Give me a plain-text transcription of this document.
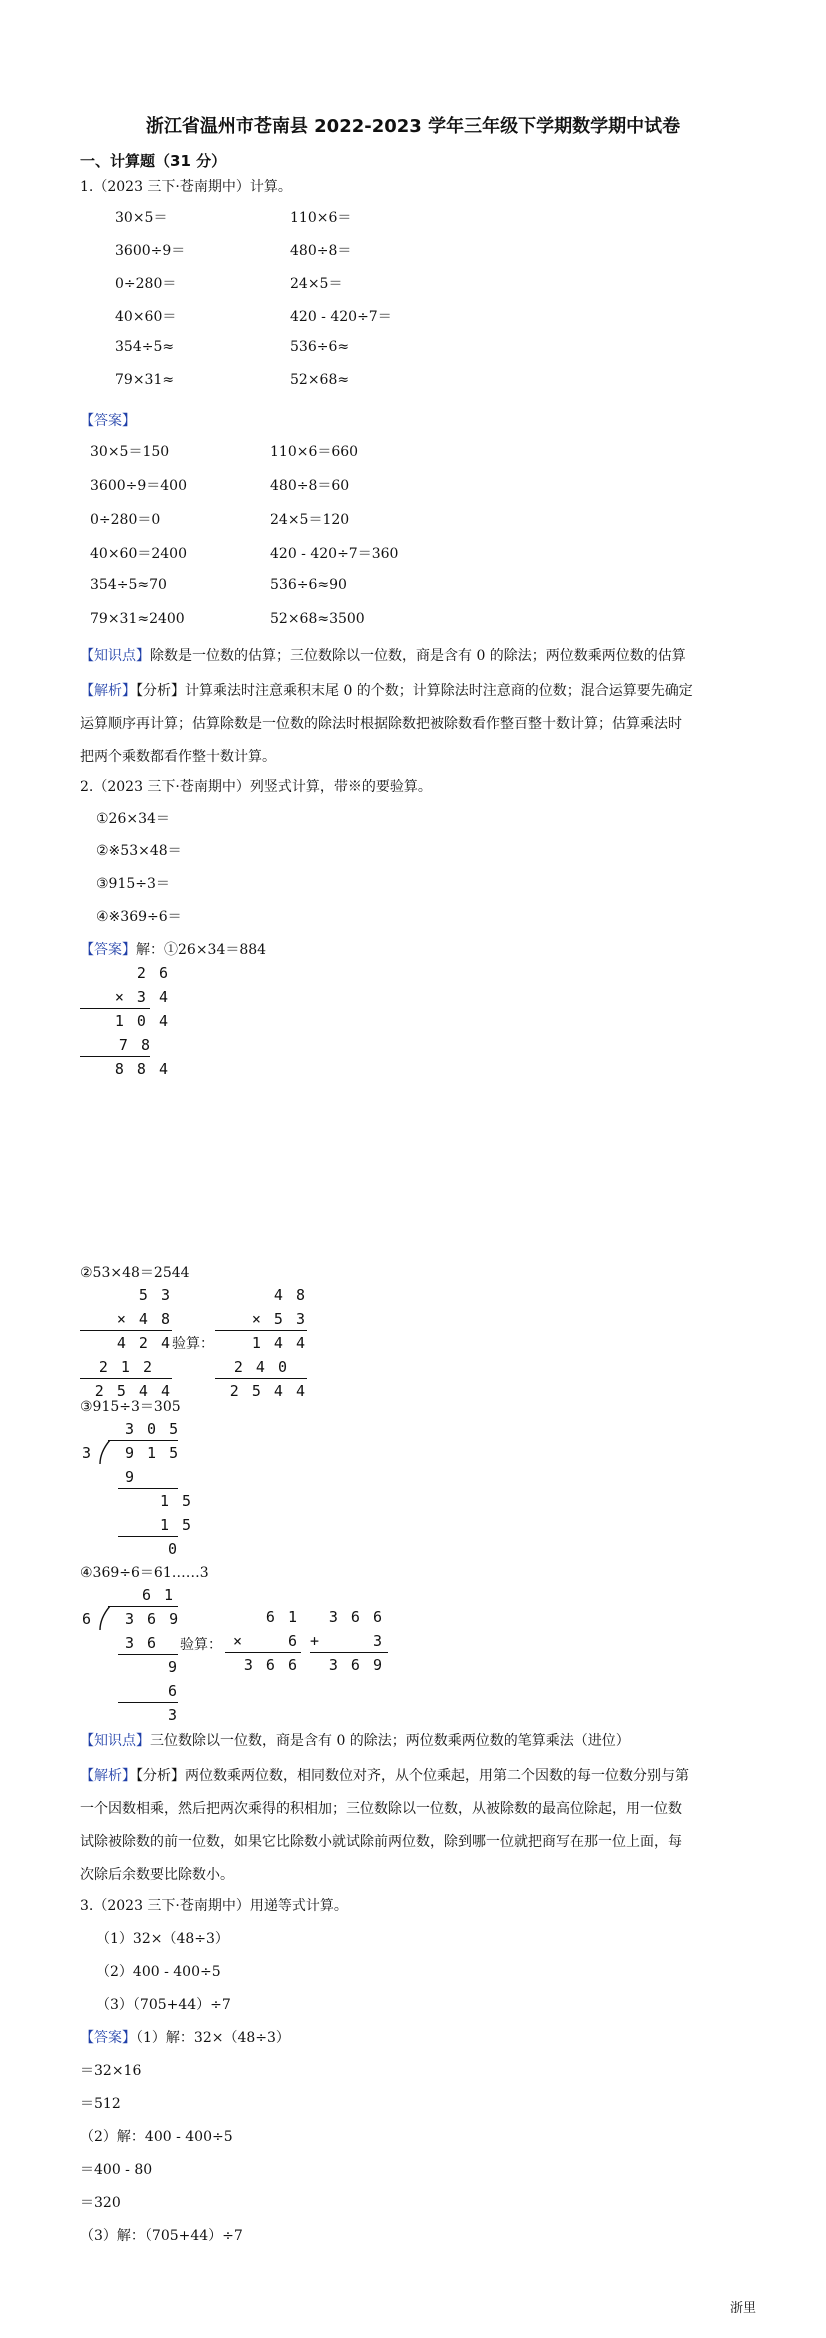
浙江省温州市苍南县 2022-2023 学年三年级下学期数学期中试卷
一、计算题（31 分）
1.（2023 三下·苍南期中）计算。
30×5＝	110×6＝
3600÷9＝	480÷8＝
0÷280＝	24×5＝
40×60＝	420 - 420÷7＝
354÷5≈	536÷6≈
79×31≈	52×68≈
【答案】
30×5＝150	110×6＝660
3600÷9＝400	480÷8＝60
0÷280＝0	24×5＝120
40×60＝2400	420 - 420÷7＝360
354÷5≈70	536÷6≈90
79×31≈2400	52×68≈3500
【知识点】除数是一位数的估算；三位数除以一位数，商是含有 0 的除法；两位数乘两位数的估算
【解析】【分析】计算乘法时注意乘积末尾 0 的个数；计算除法时注意商的位数；混合运算要先确定
运算顺序再计算；估算除数是一位数的除法时根据除数把被除数看作整百整十数计算；估算乘法时
把两个乘数都看作整十数计算。
2.（2023 三下·苍南期中）列竖式计算，带※的要验算。
①26×34＝
②※53×48＝
③915÷3＝
④※369÷6＝
【答案】解：①26×34＝884
2 6
× 3 4
1 0 4
7 8
8 8 4
②53×48＝2544
5 3
× 4 8
4 2 4
2 1 2
2 5 4 4
验算：
4 8
× 5 3
1 4 4
2 4 0
2 5 4 4
③915÷3＝305
3 0 5
3 9 1 5
9
1 5
1 5
0
④369÷6＝61……3
6 1
6 3 6 9
3 6
9
6
3
验算：
6 1
×	6
3 6 6
3 6 6
+	3
3 6 9
【知识点】三位数除以一位数，商是含有 0 的除法；两位数乘两位数的笔算乘法（进位）
【解析】【分析】两位数乘两位数，相同数位对齐，从个位乘起，用第二个因数的每一位数分别与第
一个因数相乘，然后把两次乘得的积相加；三位数除以一位数，从被除数的最高位除起，用一位数
试除被除数的前一位数，如果它比除数小就试除前两位数，除到哪一位就把商写在那一位上面，每
次除后余数要比除数小。
3.（2023 三下·苍南期中）用递等式计算。
（1）32×（48÷3）
（2）400 - 400÷5
（3）（705+44）÷7
【答案】（1）解：32×（48÷3）
＝32×16
＝512
（2）解：400 - 400÷5
＝400 - 80
＝320
（3）解：（705+44）÷7
浙里
